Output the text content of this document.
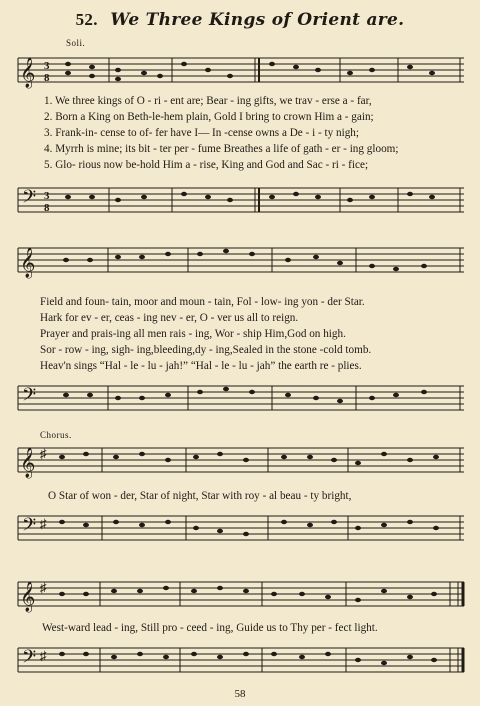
52. We Three Kings of Orient are.
Soli.
𝄞 3
8
1. We three kings of O - ri - ent are; Bear - ing gifts, we trav - erse a - far,
2. Born a King on Beth-le-hem plain, Gold I bring to crown Him a - gain;
3. Frank-in- cense to of- fer have I— In -cense owns a De - i - ty nigh;
4. Myrrh is mine; its bit - ter per - fume Breathes a life of gath - er - ing gloom;
5. Glo- rious now be-hold Him a - rise, King and God and Sac - ri - fice;
𝄢 3
8
𝄞
Field and foun- tain, moor and moun - tain, Fol - low- ing yon - der Star.
Hark for ev - er, ceas - ing nev - er, O - ver us all to reign.
Prayer and prais-ing all men rais - ing, Wor - ship Him,God on high.
Sor - row - ing, sigh- ing,bleeding,dy - ing,Sealed in the stone -cold tomb.
Heav'n sings “Hal - le - lu - jah!” “Hal - le - lu - jah” the earth re - plies.
𝄢
Chorus.
𝄞 ♯
O Star of won - der, Star of night, Star with roy - al beau - ty bright,
𝄢 ♯
𝄞 ♯
West-ward lead - ing, Still pro - ceed - ing, Guide us to Thy per - fect light.
𝄢 ♯
58
